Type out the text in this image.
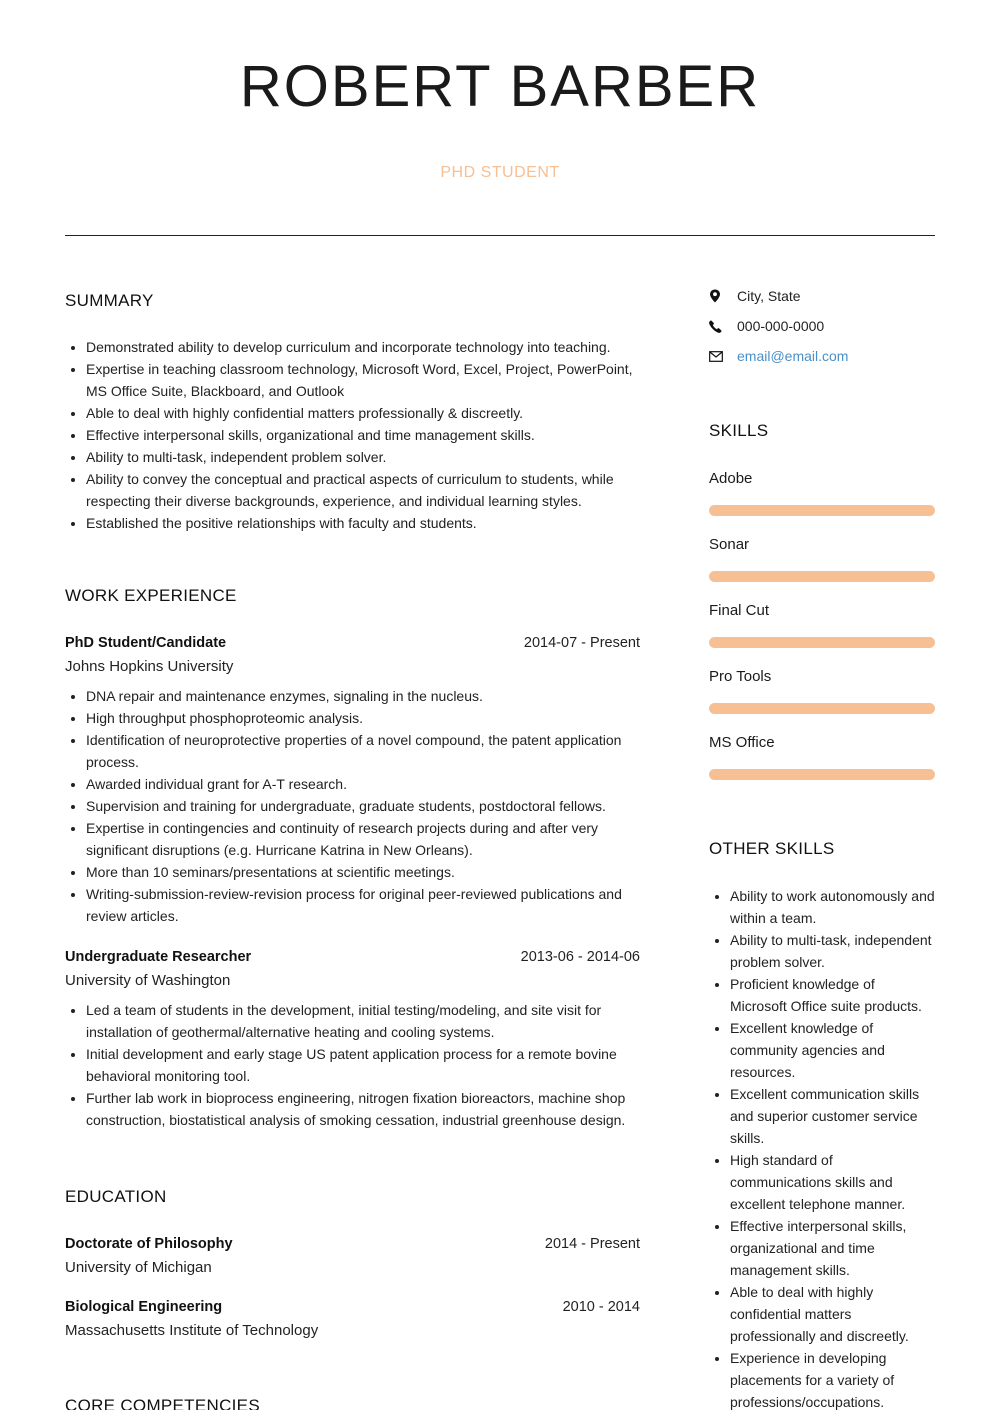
ROBERT BARBER
PHD STUDENT
SUMMARY
• Demonstrated ability to develop curriculum and incorporate technology into teaching.
• Expertise in teaching classroom technology, Microsoft Word, Excel, Project, PowerPoint, MS Office Suite, Blackboard, and Outlook
• Able to deal with highly confidential matters professionally & discreetly.
• Effective interpersonal skills, organizational and time management skills.
• Ability to multi-task, independent problem solver.
• Ability to convey the conceptual and practical aspects of curriculum to students, while respecting their diverse backgrounds, experience, and individual learning styles.
• Established the positive relationships with faculty and students.
WORK EXPERIENCE
PhD Student/Candidate	2014-07 - Present
Johns Hopkins University
• DNA repair and maintenance enzymes, signaling in the nucleus.
• High throughput phosphoproteomic analysis.
• Identification of neuroprotective properties of a novel compound, the patent application process.
• Awarded individual grant for A-T research.
• Supervision and training for undergraduate, graduate students, postdoctoral fellows.
• Expertise in contingencies and continuity of research projects during and after very significant disruptions (e.g. Hurricane Katrina in New Orleans).
• More than 10 seminars/presentations at scientific meetings.
• Writing-submission-review-revision process for original peer-reviewed publications and review articles.
Undergraduate Researcher	2013-06 - 2014-06
University of Washington
• Led a team of students in the development, initial testing/modeling, and site visit for installation of geothermal/alternative heating and cooling systems.
• Initial development and early stage US patent application process for a remote bovine behavioral monitoring tool.
• Further lab work in bioprocess engineering, nitrogen fixation bioreactors, machine shop construction, biostatistical analysis of smoking cessation, industrial greenhouse design.
EDUCATION
Doctorate of Philosophy	2014 - Present
University of Michigan
Biological Engineering	2010 - 2014
Massachusetts Institute of Technology
CORE COMPETENCIES
City, State
000-000-0000
email@email.com
SKILLS
Adobe
Sonar
Final Cut
Pro Tools
MS Office
OTHER SKILLS
• Ability to work autonomously and within a team.
• Ability to multi-task, independent problem solver.
• Proficient knowledge of Microsoft Office suite products.
• Excellent knowledge of community agencies and resources.
• Excellent communication skills and superior customer service skills.
• High standard of communications skills and excellent telephone manner.
• Effective interpersonal skills, organizational and time management skills.
• Able to deal with highly confidential matters professionally and discreetly.
• Experience in developing placements for a variety of professions/occupations.
